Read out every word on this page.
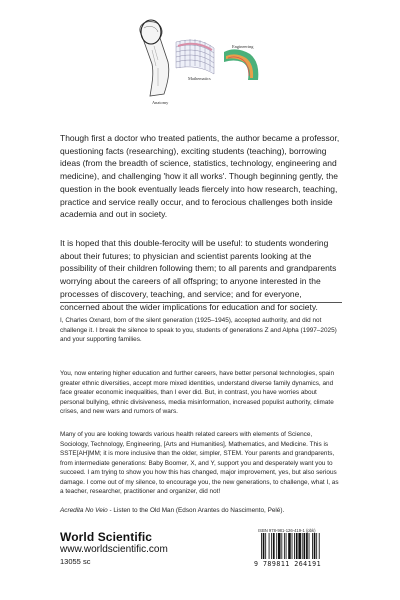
Engineering
Mathematics
Anatomy

Though first a doctor who treated patients, the author became a professor, questioning facts (researching), exciting students (teaching), borrowing ideas (from the breadth of science, statistics, technology, engineering and medicine), and challenging 'how it all works'. Though beginning gently, the question in the book eventually leads fiercely into how research, teaching, practice and service really occur, and to ferocious challenges both inside academia and out in society.

It is hoped that this double-ferocity will be useful: to students wondering about their futures; to physician and scientist parents looking at the possibility of their children following them; to all parents and grandparents worrying about the careers of all offspring; to anyone interested in the processes of discovery, teaching, and service; and for everyone, concerned about the wider implications for education and for society.

I, Charles Oxnard, born of the silent generation (1925–1945), accepted authority, and did not challenge it. I break the silence to speak to you, students of generations Z and Alpha (1997–2025) and your supporting families.

You, now entering higher education and further careers, have better personal technologies, spain greater ethnic diversities, accept more mixed identities, understand diverse family dynamics, and face greater economic inequalities, than I ever did. But, in contrast, you have worries about personal bullying, ethnic divisiveness, media misinformation, increased populist authority, climate crises, and new wars and rumors of wars.

Many of you are looking towards various health related careers with elements of Science, Sociology, Technology, Engineering, [Arts and Humanities], Mathematics, and Medicine. This is SSTE[AH]MM; it is more inclusive than the older, simpler, STEM. Your parents and grandparents, from intermediate generations: Baby Boomer, X, and Y, support you and desperately want you to succeed. I am trying to show you how this has changed, major improvement, yes, but also serious damage. I come out of my silence, to encourage you, the new generations, to challenge, what I, as a teacher, researcher, practitioner and organizer, did not!

Acredita No Veio - Listen to the Old Man (Edson Arantes do Nascimento, Pelé).
World Scientific
www.worldscientific.com
13055 sc
ISBN 978-981-126-419-1 (pbk)
9 789811 264191
